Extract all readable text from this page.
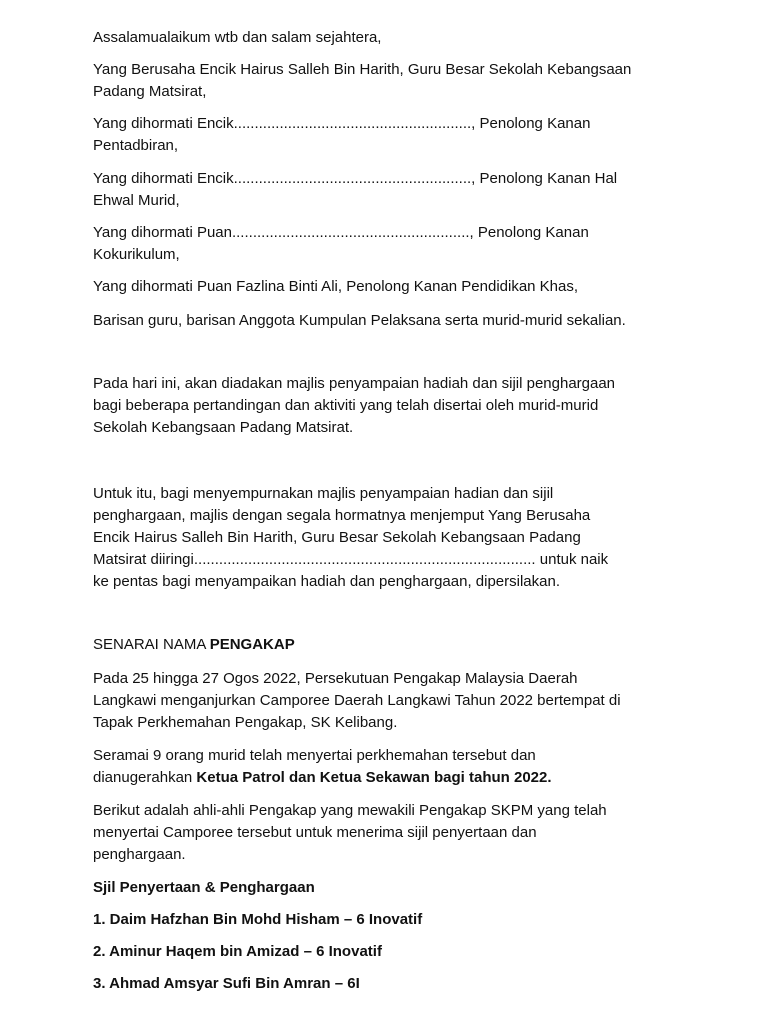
Assalamualaikum wtb dan salam sejahtera,

Yang Berusaha Encik Hairus Salleh Bin Harith, Guru Besar Sekolah Kebangsaan
Padang Matsirat,

Yang dihormati Encik........................................................., Penolong Kanan
Pentadbiran,

Yang dihormati Encik........................................................., Penolong Kanan Hal
Ehwal Murid,

Yang dihormati Puan........................................................., Penolong Kanan
Kokurikulum,

Yang dihormati Puan Fazlina Binti Ali, Penolong Kanan Pendidikan Khas,

Barisan guru, barisan Anggota Kumpulan Pelaksana serta murid-murid sekalian.

Pada hari ini, akan diadakan majlis penyampaian hadiah dan sijil penghargaan
bagi beberapa pertandingan dan aktiviti yang telah disertai oleh murid-murid
Sekolah Kebangsaan Padang Matsirat.

Untuk itu, bagi menyempurnakan majlis penyampaian hadian dan sijil
penghargaan, majlis dengan segala hormatnya menjemput Yang Berusaha
Encik Hairus Salleh Bin Harith, Guru Besar Sekolah Kebangsaan Padang
Matsirat diiringi.................................................................................. untuk naik
ke pentas bagi menyampaikan hadiah dan penghargaan, dipersilakan.

SENARAI NAMA PENGAKAP

Pada 25 hingga 27 Ogos 2022, Persekutuan Pengakap Malaysia Daerah
Langkawi menganjurkan Camporee Daerah Langkawi Tahun 2022 bertempat di
Tapak Perkhemahan Pengakap, SK Kelibang.

Seramai 9 orang murid telah menyertai perkhemahan tersebut dan
dianugerahkan Ketua Patrol dan Ketua Sekawan bagi tahun 2022.

Berikut adalah ahli-ahli Pengakap yang mewakili Pengakap SKPM yang telah
menyertai Camporee tersebut untuk menerima sijil penyertaan dan
penghargaan.

Sjil Penyertaan & Penghargaan

1. Daim Hafzhan Bin Mohd Hisham – 6 Inovatif

2. Aminur Haqem bin Amizad – 6 Inovatif

3. Ahmad Amsyar Sufi Bin Amran – 6I
